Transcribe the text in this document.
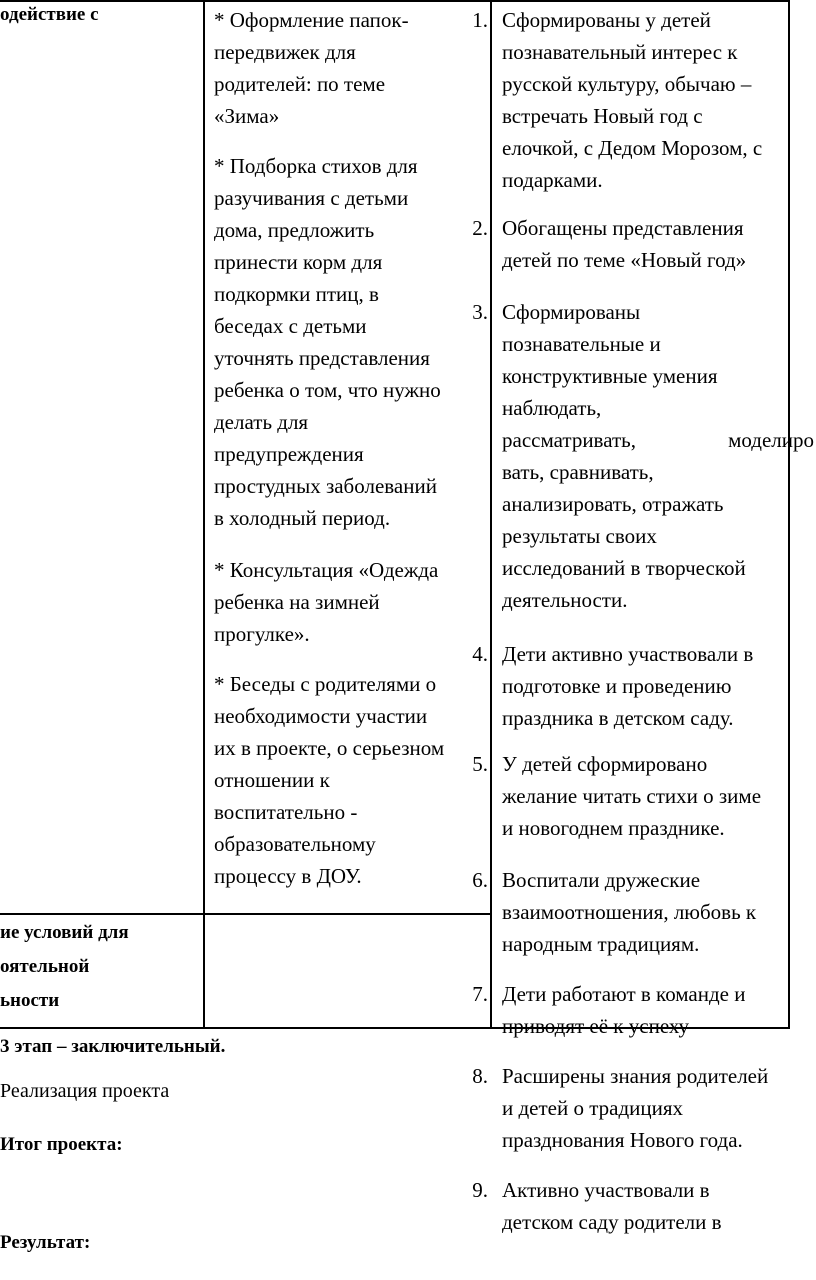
одействие с
ие условий для
оятельной
ьности
* Оформление папок-
передвижек для
родителей: по теме
«Зима»
* Подборка стихов для
разучивания с детьми
дома, предложить
принести корм для
подкормки птиц, в
беседах с детьми
уточнять представления
ребенка о том, что нужно
делать для
предупреждения
простудных заболеваний
в холодный период.
* Консультация «Одежда
ребенка на зимней
прогулке».
* Беседы с родителями о
необходимости участии
их в проекте, о серьезном
отношении к
воспитательно -
образовательному
процессу в ДОУ.
1. Сформированы у детей
познавательный интерес к
русской культуру, обычаю –
встречать Новый год с
елочкой, с Дедом Морозом, с
подарками.
2. Обогащены представления
детей по теме «Новый год»
3. Сформированы
познавательные и
конструктивные умения
наблюдать,
рассматривать,	моделиро
вать, сравнивать,
анализировать, отражать
результаты своих
исследований в творческой
деятельности.
4. Дети активно участвовали в
подготовке и проведению
праздника в детском саду.
5. У детей сформировано
желание читать стихи о зиме
и новогоднем празднике.
6. Воспитали дружеские
взаимоотношения, любовь к
народным традициям.
7. Дети работают в команде и
приводят её к успеху
8. Расширены знания родителей
и детей о традициях
празднования Нового года.
9. Активно участвовали в
детском саду родители в
3 этап – заключительный.
Реализация проекта
Итог проекта:
Результат:
